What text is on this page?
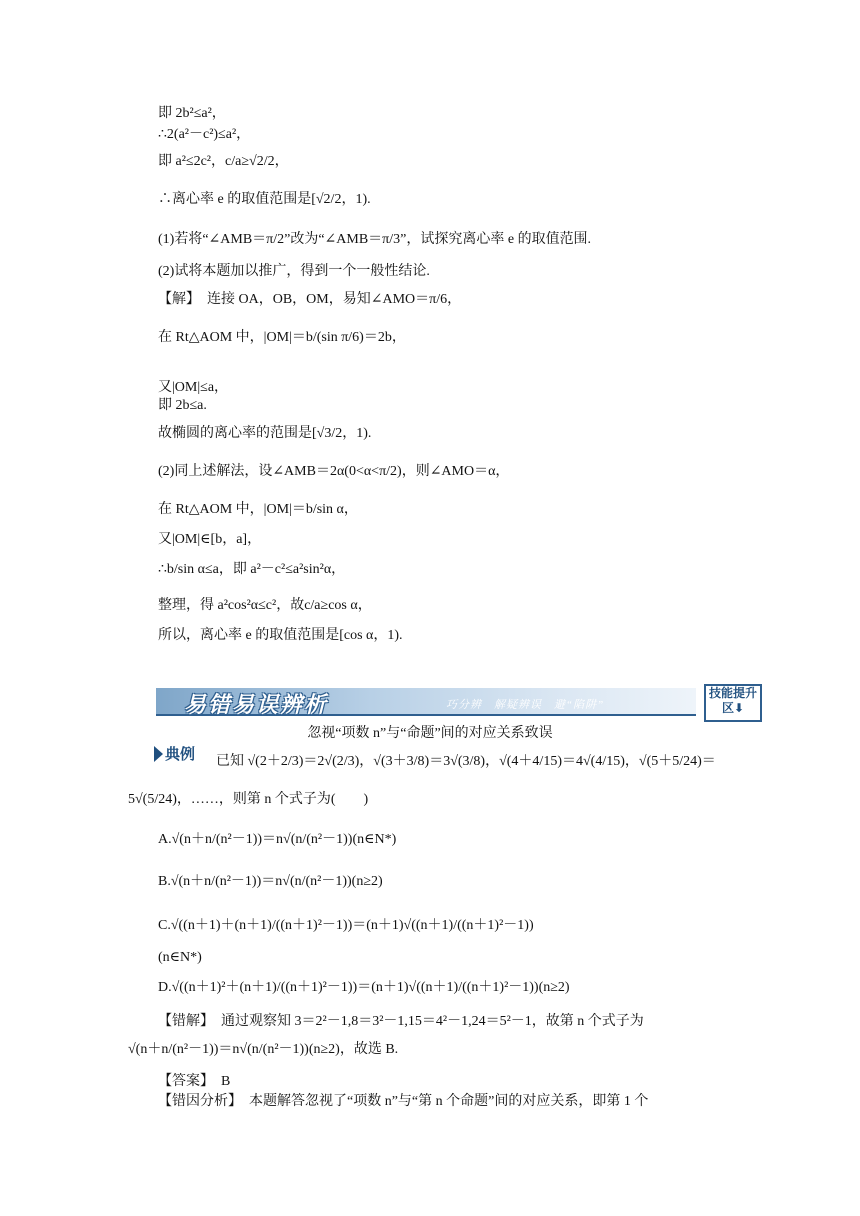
即 2b²≤a²，
∴2(a²－c²)≤a²，
即 a²≤2c²，c/a≥√2/2，
∴离心率 e 的取值范围是[√2/2，1).
(1)若将“∠AMB＝π/2”改为“∠AMB＝π/3”，试探究离心率 e 的取值范围.
(2)试将本题加以推广，得到一个一般性结论.
【解】　连接 OA，OB，OM，易知∠AMO＝π/6，
在 Rt△AOM 中，|OM|＝b/(sin π/6)＝2b，
又|OM|≤a，
即 2b≤a.
故椭圆的离心率的范围是[√3/2，1).
(2)同上述解法，设∠AMB＝2α(0<α<π/2)，则∠AMO＝α，
在 Rt△AOM 中，|OM|＝b/sin α，
又|OM|∈[b，a]，
∴b/sin α≤a，即 a²－c²≤a²sin²α，
整理，得 a²cos²α≤c²，故c/a≥cos α，
所以，离心率 e 的取值范围是[cos α，1).
易错易误辨析	巧分辨　解疑辨误　避“陷阱”
技能提升区⬇
忽视“项数 n”与“命题”间的对应关系致误
典例 已知 √(2＋2/3)＝2√(2/3)，√(3＋3/8)＝3√(3/8)，√(4＋4/15)＝4√(4/15)，√(5＋5/24)＝
5√(5/24)，……，则第 n 个式子为(　　)
A.√(n＋n/(n²－1))＝n√(n/(n²－1))(n∈N*)
B.√(n＋n/(n²－1))＝n√(n/(n²－1))(n≥2)
C.√((n＋1)＋(n＋1)/((n＋1)²－1))＝(n＋1)√((n＋1)/((n＋1)²－1))
(n∈N*)
D.√((n＋1)²＋(n＋1)/((n＋1)²－1))＝(n＋1)√((n＋1)/((n＋1)²－1))(n≥2)
【错解】　通过观察知 3＝2²－1,8＝3²－1,15＝4²－1,24＝5²－1，故第 n 个式子为
√(n＋n/(n²－1))＝n√(n/(n²－1))(n≥2)，故选 B.
【答案】　B
【错因分析】　本题解答忽视了“项数 n”与“第 n 个命题”间的对应关系，即第 1 个
